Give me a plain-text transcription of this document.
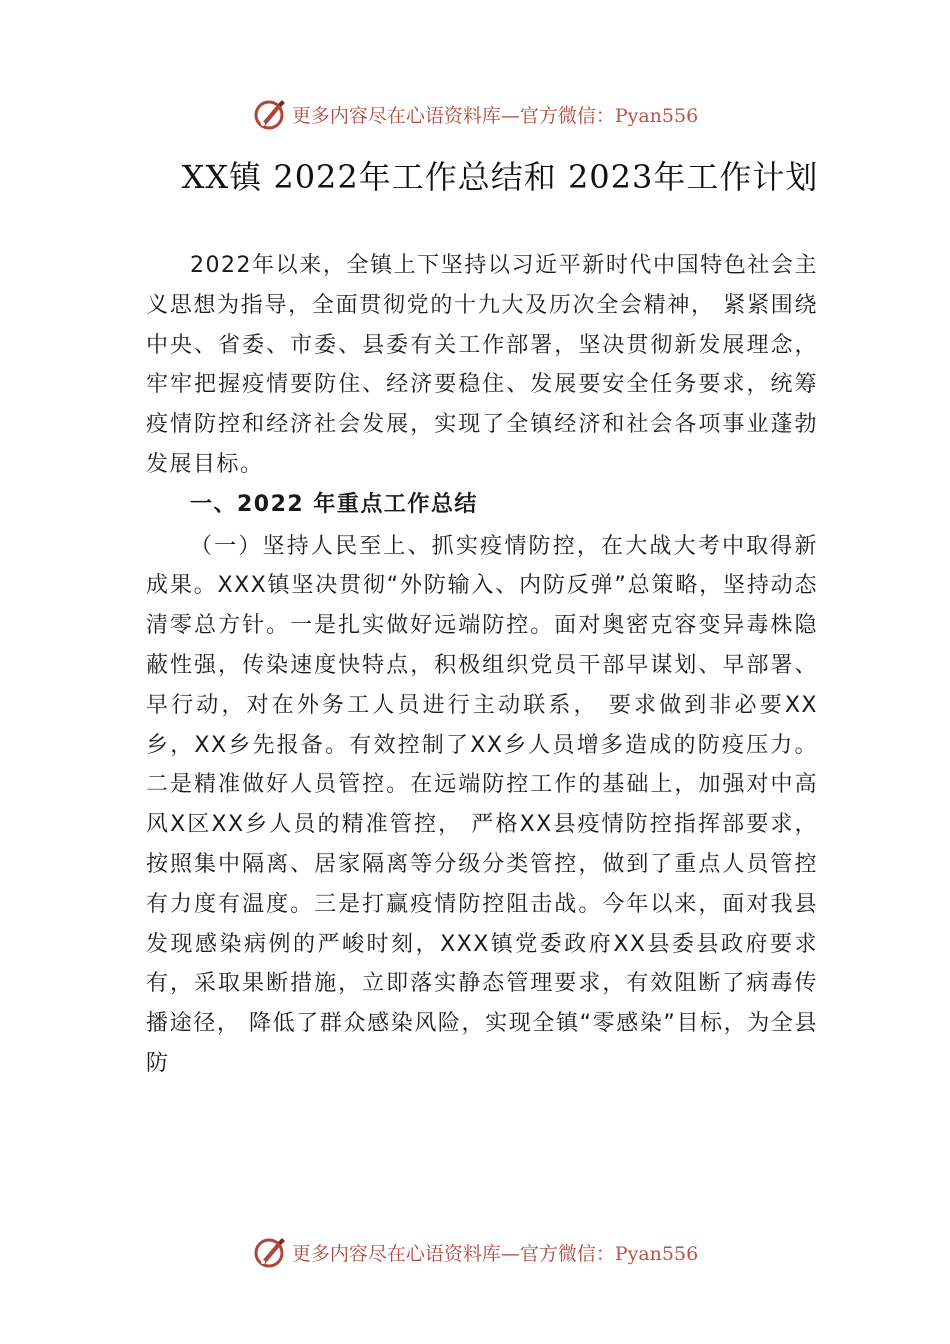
更多内容尽在心语资料库—官方微信：Pyan556
XX镇 2022年工作总结和 2023年工作计划

2022年以来，全镇上下坚持以习近平新时代中国特色社会主义思想为指导，全面贯彻党的十九大及历次全会精神， 紧紧围绕中央、省委、市委、县委有关工作部署，坚决贯彻新发展理念，牢牢把握疫情要防住、经济要稳住、发展要安全任务要求，统筹疫情防控和经济社会发展，实现了全镇经济和社会各项事业蓬勃发展目标。

一、2022 年重点工作总结

（一）坚持人民至上、抓实疫情防控，在大战大考中取得新成果。XXX镇坚决贯彻“外防输入、内防反弹”总策略，坚持动态清零总方针。一是扎实做好远端防控。面对奥密克容变异毒株隐蔽性强，传染速度快特点，积极组织党员干部早谋划、早部署、早行动，对在外务工人员进行主动联系， 要求做到非必要XX乡，XX乡先报备。有效控制了XX乡人员增多造成的防疫压力。二是精准做好人员管控。在远端防控工作的基础上，加强对中高风X区XX乡人员的精准管控， 严格XX县疫情防控指挥部要求，按照集中隔离、居家隔离等分级分类管控，做到了重点人员管控有力度有温度。三是打赢疫情防控阻击战。今年以来，面对我县发现感染病例的严峻时刻，XXX镇党委政府XX县委县政府要求有，采取果断措施，立即落实静态管理要求，有效阻断了病毒传播途径， 降低了群众感染风险，实现全镇“零感染”目标，为全县防

更多内容尽在心语资料库—官方微信：Pyan556
